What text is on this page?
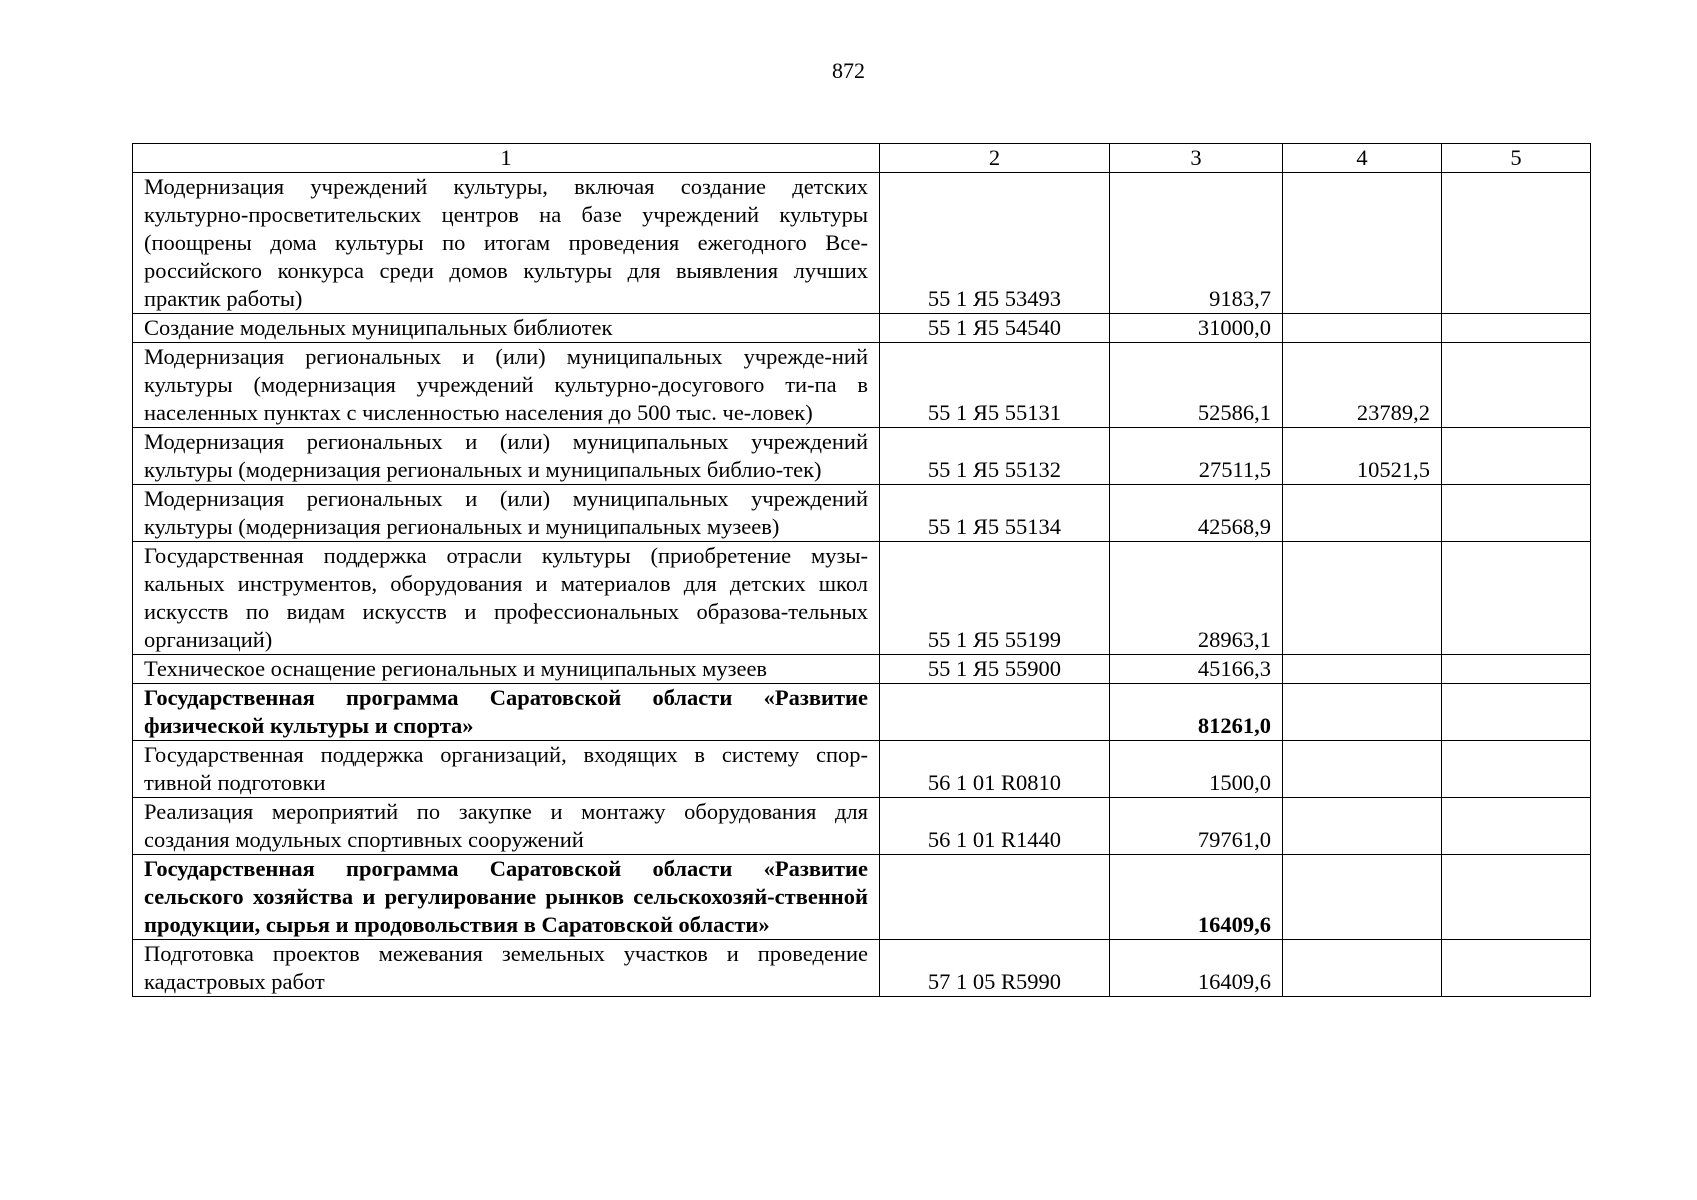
872
1	2	3	4	5
Модернизация учреждений культуры, включая создание детских культурно-просветительских центров на базе учреждений культуры (поощрены дома культуры по итогам проведения ежегодного Все-российского конкурса среди домов культуры для выявления лучших практик работы)	55 1 Я5 53493	9183,7		
Создание модельных муниципальных библиотек	55 1 Я5 54540	31000,0		
Модернизация региональных и (или) муниципальных учрежде-ний культуры (модернизация учреждений культурно-досугового ти-па в населенных пунктах с численностью населения до 500 тыс. че-ловек)	55 1 Я5 55131	52586,1	23789,2	
Модернизация региональных и (или) муниципальных учреждений культуры (модернизация региональных и муниципальных библио-тек)	55 1 Я5 55132	27511,5	10521,5	
Модернизация региональных и (или) муниципальных учреждений культуры (модернизация региональных и муниципальных музеев)	55 1 Я5 55134	42568,9		
Государственная поддержка отрасли культуры (приобретение музы-кальных инструментов, оборудования и материалов для детских школ искусств по видам искусств и профессиональных образова-тельных организаций)	55 1 Я5 55199	28963,1		
Техническое оснащение региональных и муниципальных музеев	55 1 Я5 55900	45166,3		
Государственная программа Саратовской области «Развитие физической культуры и спорта»		81261,0		
Государственная поддержка организаций, входящих в систему спор-тивной подготовки	56 1 01 R0810	1500,0		
Реализация мероприятий по закупке и монтажу оборудования для создания модульных спортивных сооружений	56 1 01 R1440	79761,0		
Государственная программа Саратовской области «Развитие сельского хозяйства и регулирование рынков сельскохозяй-ственной продукции, сырья и продовольствия в Саратовской области»		16409,6		
Подготовка проектов межевания земельных участков и проведение кадастровых работ	57 1 05 R5990	16409,6		
